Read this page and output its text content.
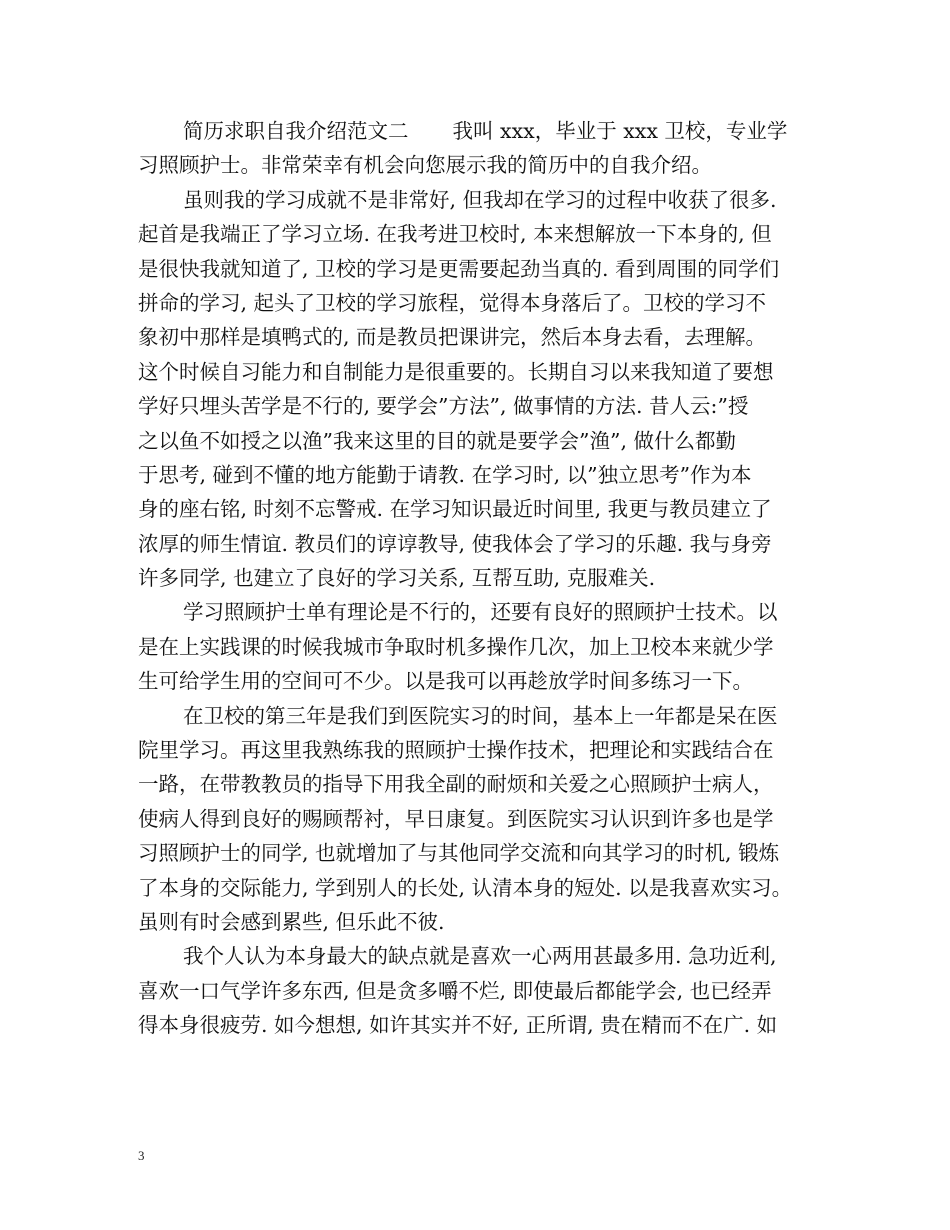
简历求职自我介绍范文二 我叫 xxx，毕业于 xxx 卫校，专业学
习照顾护士。非常荣幸有机会向您展示我的简历中的自我介绍。
虽则我的学习成就不是非常好, 但我却在学习的过程中收获了很多.
起首是我端正了学习立场. 在我考进卫校时, 本来想解放一下本身的, 但
是很快我就知道了, 卫校的学习是更需要起劲当真的. 看到周围的同学们
拼命的学习, 起头了卫校的学习旅程，觉得本身落后了。卫校的学习不
象初中那样是填鸭式的, 而是教员把课讲完，然后本身去看，去理解。
这个时候自习能力和自制能力是很重要的。长期自习以来我知道了要想
学好只埋头苦学是不行的, 要学会”方法”, 做事情的方法. 昔人云:”授
之以鱼不如授之以渔”我来这里的目的就是要学会”渔”, 做什么都勤
于思考, 碰到不懂的地方能勤于请教. 在学习时, 以”独立思考”作为本
身的座右铭, 时刻不忘警戒. 在学习知识最近时间里, 我更与教员建立了
浓厚的师生情谊. 教员们的谆谆教导, 使我体会了学习的乐趣. 我与身旁
许多同学, 也建立了良好的学习关系, 互帮互助, 克服难关.
学习照顾护士单有理论是不行的，还要有良好的照顾护士技术。以
是在上实践课的时候我城市争取时机多操作几次，加上卫校本来就少学
生可给学生用的空间可不少。以是我可以再趁放学时间多练习一下。
在卫校的第三年是我们到医院实习的时间，基本上一年都是呆在医
院里学习。再这里我熟练我的照顾护士操作技术，把理论和实践结合在
一路，在带教教员的指导下用我全副的耐烦和关爱之心照顾护士病人，
使病人得到良好的赐顾帮衬，早日康复。到医院实习认识到许多也是学
习照顾护士的同学, 也就增加了与其他同学交流和向其学习的时机, 锻炼
了本身的交际能力, 学到别人的长处, 认清本身的短处. 以是我喜欢实习。
虽则有时会感到累些, 但乐此不彼.
我个人认为本身最大的缺点就是喜欢一心两用甚最多用. 急功近利,
喜欢一口气学许多东西, 但是贪多嚼不烂, 即使最后都能学会, 也已经弄
得本身很疲劳. 如今想想, 如许其实并不好, 正所谓, 贵在精而不在广. 如
3
